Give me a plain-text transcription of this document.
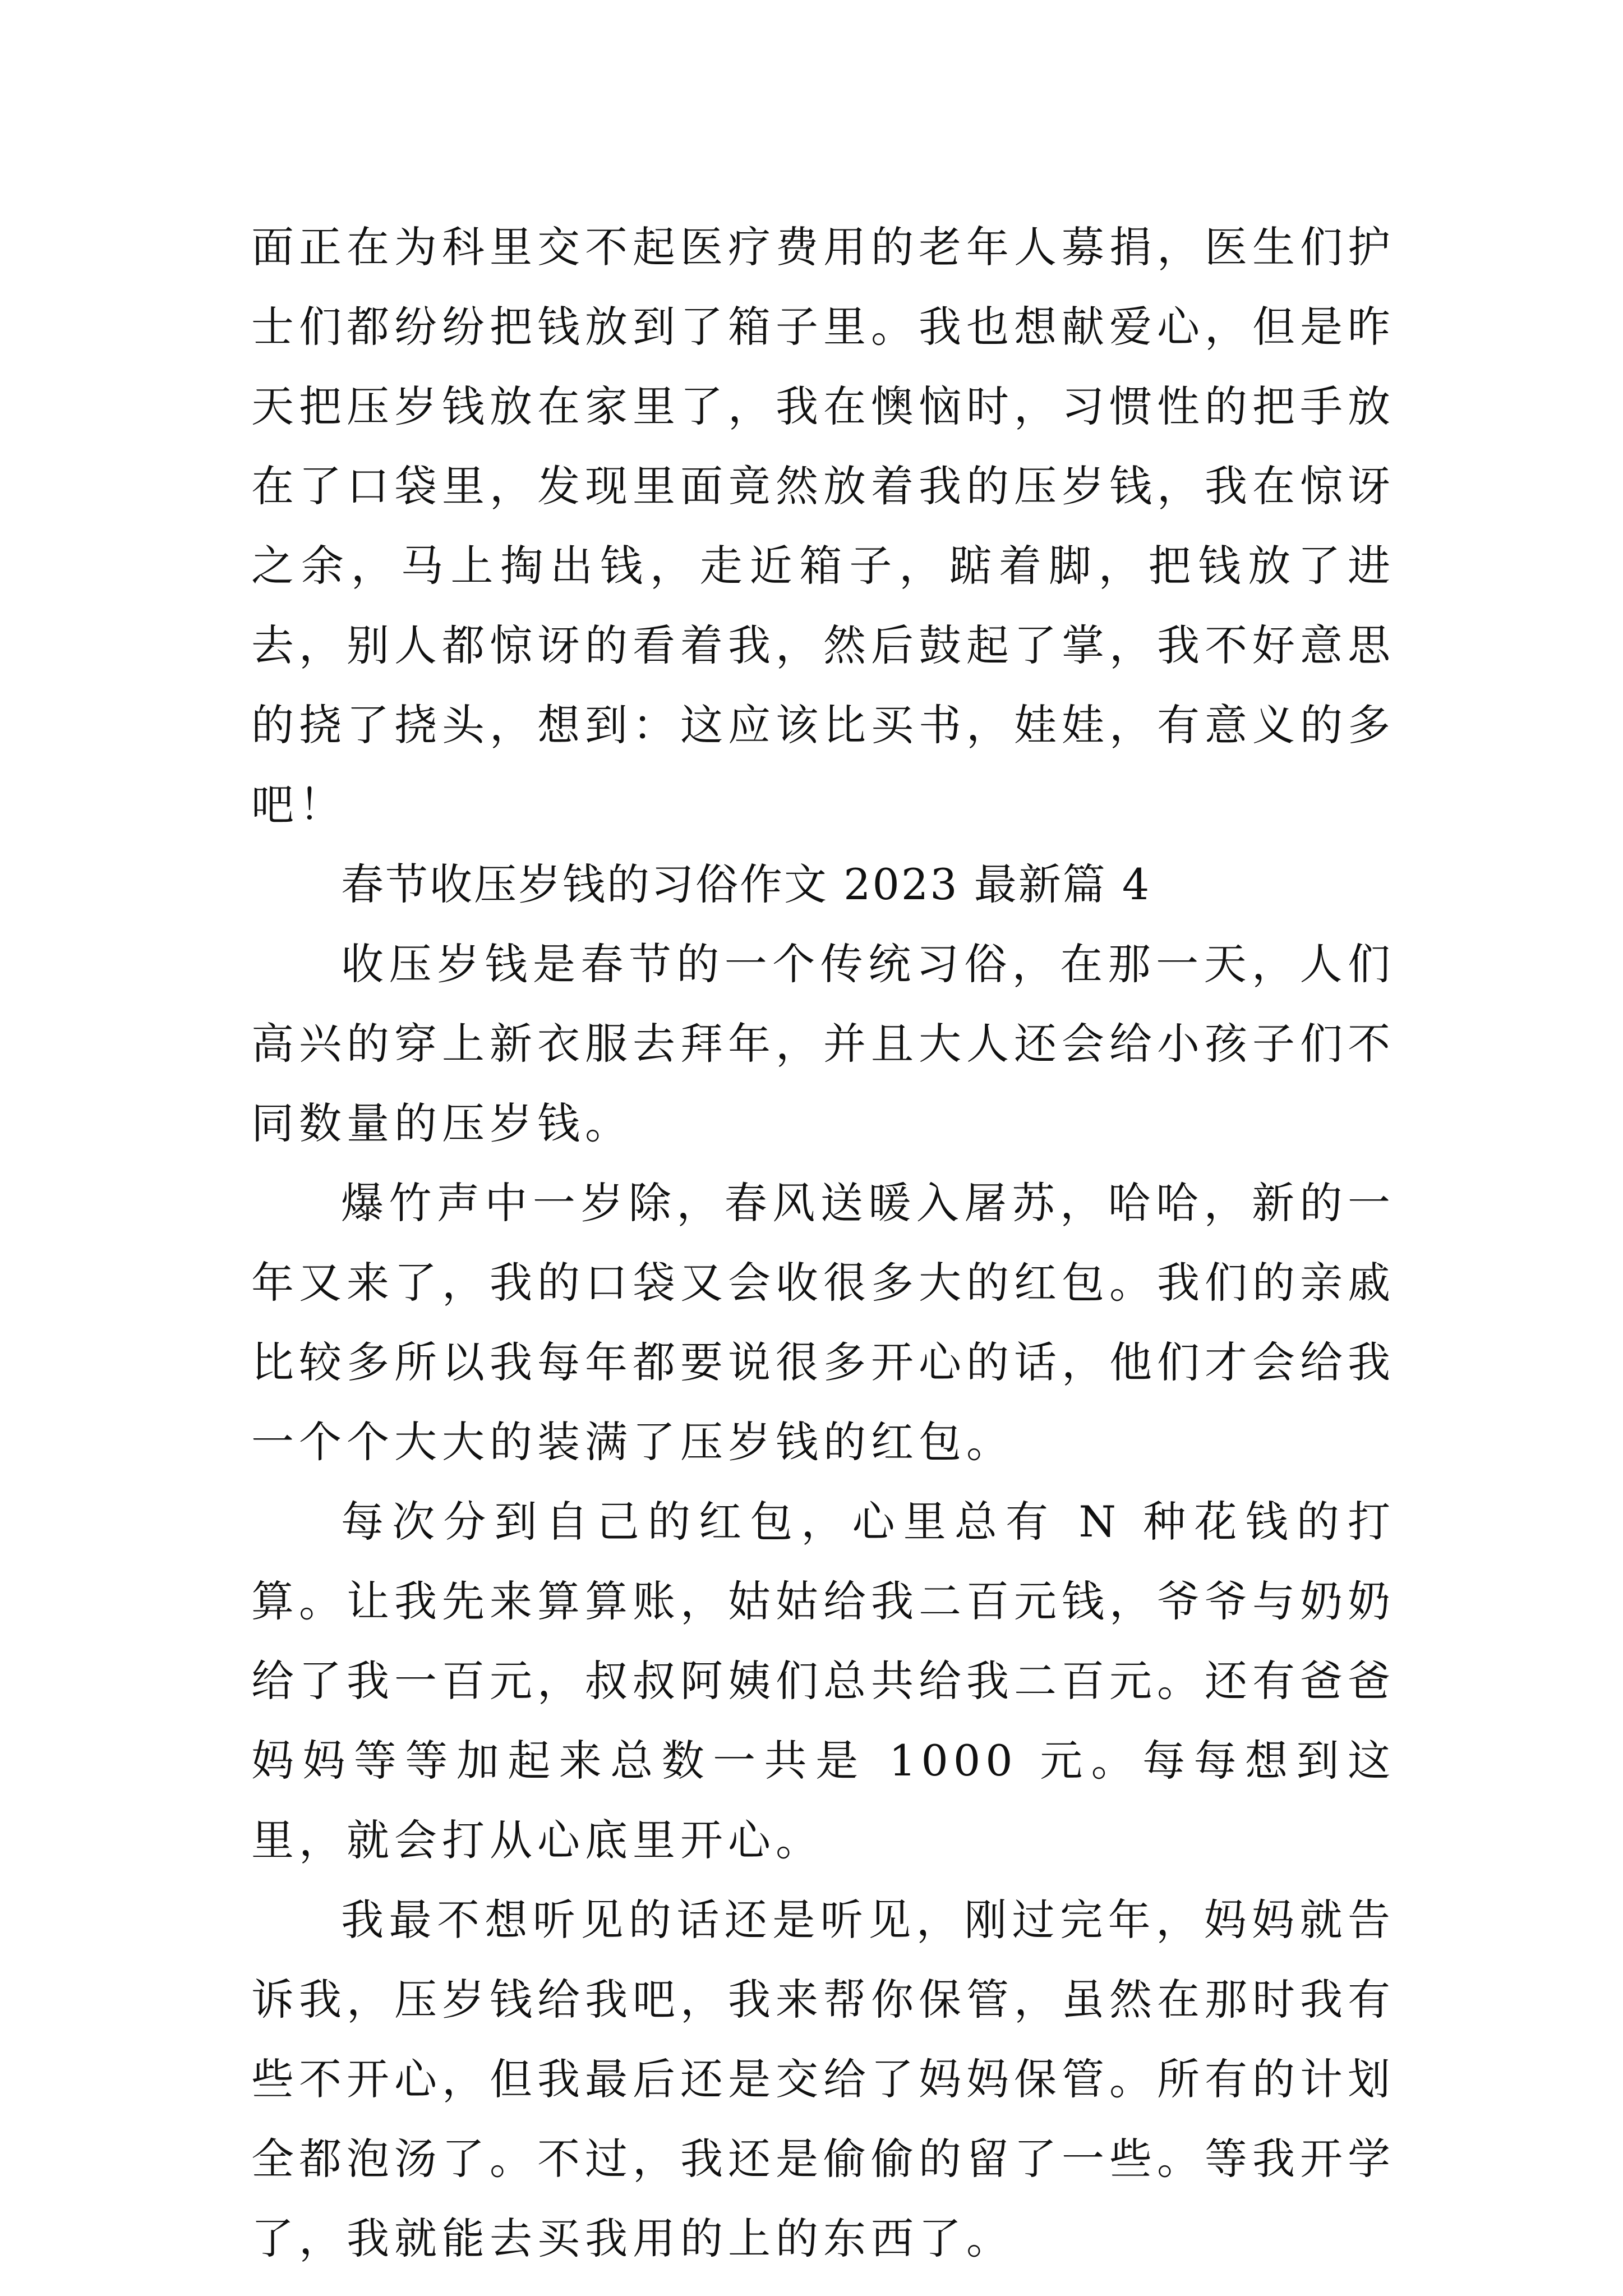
面正在为科里交不起医疗费用的老年人募捐，医生们护士们都纷纷把钱放到了箱子里。我也想献爱心，但是昨天把压岁钱放在家里了，我在懊恼时，习惯性的把手放在了口袋里，发现里面竟然放着我的压岁钱，我在惊讶之余，马上掏出钱，走近箱子，踮着脚，把钱放了进去，别人都惊讶的看着我，然后鼓起了掌，我不好意思的挠了挠头，想到：这应该比买书，娃娃，有意义的多吧！

春节收压岁钱的习俗作文 2023 最新篇 4

收压岁钱是春节的一个传统习俗，在那一天，人们高兴的穿上新衣服去拜年，并且大人还会给小孩子们不同数量的压岁钱。

爆竹声中一岁除，春风送暖入屠苏，哈哈，新的一年又来了，我的口袋又会收很多大的红包。我们的亲戚比较多所以我每年都要说很多开心的话，他们才会给我一个个大大的装满了压岁钱的红包。

每次分到自己的红包，心里总有 N 种花钱的打算。让我先来算算账，姑姑给我二百元钱，爷爷与奶奶给了我一百元，叔叔阿姨们总共给我二百元。还有爸爸妈妈等等加起来总数一共是 1000 元。每每想到这里，就会打从心底里开心。

我最不想听见的话还是听见，刚过完年，妈妈就告诉我，压岁钱给我吧，我来帮你保管，虽然在那时我有些不开心，但我最后还是交给了妈妈保管。所有的计划全都泡汤了。不过，我还是偷偷的留了一些。等我开学了，我就能去买我用的上的东西了。
